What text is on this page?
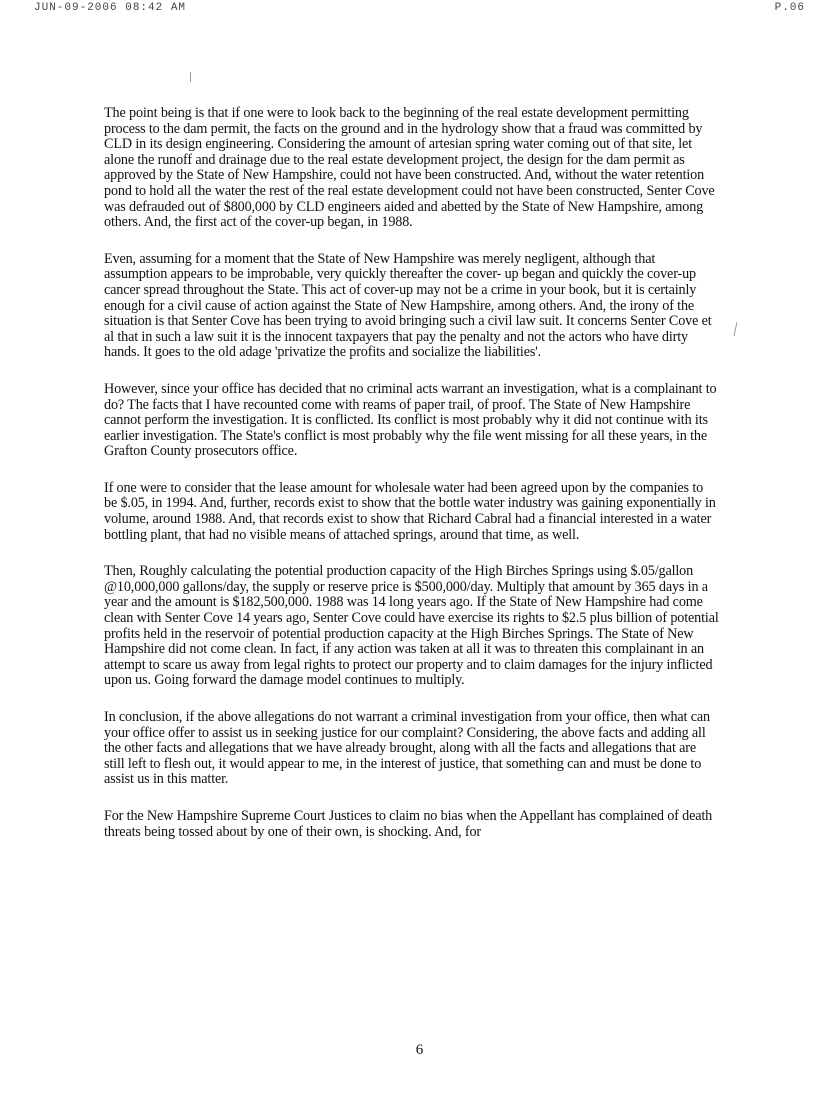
JUN-09-2006 08:42 AM	P.06

The point being is that if one were to look back to the beginning of the real estate development permitting process to the dam permit, the facts on the ground and in the hydrology show that a fraud was committed by CLD in its design engineering. Considering the amount of artesian spring water coming out of that site, let alone the runoff and drainage due to the real estate development project, the design for the dam permit as approved by the State of New Hampshire, could not have been constructed. And, without the water retention pond to hold all the water the rest of the real estate development could not have been constructed, Senter Cove was defrauded out of $800,000 by CLD engineers aided and abetted by the State of New Hampshire, among others. And, the first act of the cover-up began, in 1988.

Even, assuming for a moment that the State of New Hampshire was merely negligent, although that assumption appears to be improbable, very quickly thereafter the cover- up began and quickly the cover-up cancer spread throughout the State. This act of cover-up may not be a crime in your book, but it is certainly enough for a civil cause of action against the State of New Hampshire, among others. And, the irony of the situation is that Senter Cove has been trying to avoid bringing such a civil law suit. It concerns Senter Cove et al that in such a law suit it is the innocent taxpayers that pay the penalty and not the actors who have dirty hands. It goes to the old adage 'privatize the profits and socialize the liabilities'.

However, since your office has decided that no criminal acts warrant an investigation, what is a complainant to do? The facts that I have recounted come with reams of paper trail, of proof. The State of New Hampshire cannot perform the investigation. It is conflicted. Its conflict is most probably why it did not continue with its earlier investigation. The State's conflict is most probably why the file went missing for all these years, in the Grafton County prosecutors office.

If one were to consider that the lease amount for wholesale water had been agreed upon by the companies to be $.05, in 1994. And, further, records exist to show that the bottle water industry was gaining exponentially in volume, around 1988. And, that records exist to show that Richard Cabral had a financial interested in a water bottling plant, that had no visible means of attached springs, around that time, as well.

Then, Roughly calculating the potential production capacity of the High Birches Springs using $.05/gallon @10,000,000 gallons/day, the supply or reserve price is $500,000/day. Multiply that amount by 365 days in a year and the amount is $182,500,000. 1988 was 14 long years ago. If the State of New Hampshire had come clean with Senter Cove 14 years ago, Senter Cove could have exercise its rights to $2.5 plus billion of potential profits held in the reservoir of potential production capacity at the High Birches Springs. The State of New Hampshire did not come clean. In fact, if any action was taken at all it was to threaten this complainant in an attempt to scare us away from legal rights to protect our property and to claim damages for the injury inflicted upon us. Going forward the damage model continues to multiply.

In conclusion, if the above allegations do not warrant a criminal investigation from your office, then what can your office offer to assist us in seeking justice for our complaint? Considering, the above facts and adding all the other facts and allegations that we have already brought, along with all the facts and allegations that are still left to flesh out, it would appear to me, in the interest of justice, that something can and must be done to assist us in this matter.

For the New Hampshire Supreme Court Justices to claim no bias when the Appellant has complained of death threats being tossed about by one of their own, is shocking. And, for

6
